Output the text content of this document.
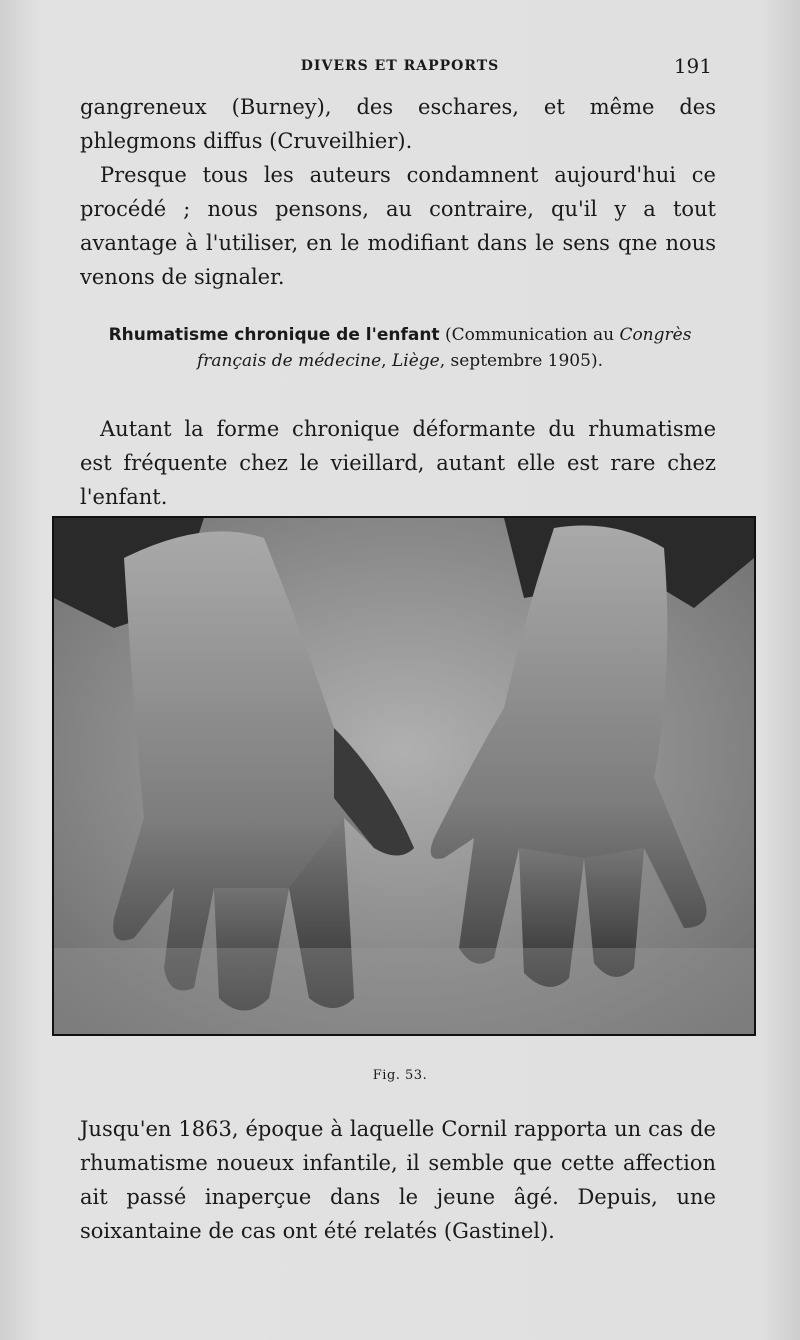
DIVERS ET RAPPORTS	191

gangreneux (Burney), des eschares, et même des phlegmons diffus (Cruveilhier).

Presque tous les auteurs condamnent aujourd'hui ce procédé ; nous pensons, au contraire, qu'il y a tout avantage à l'utiliser, en le modifiant dans le sens qne nous venons de signaler.

Rhumatisme chronique de l'enfant (Communication au Congrès français de médecine, Liège, septembre 1905).

Autant la forme chronique déformante du rhumatisme est fréquente chez le vieillard, autant elle est rare chez l'enfant.

Fig. 53.

Jusqu'en 1863, époque à laquelle Cornil rapporta un cas de rhumatisme noueux infantile, il semble que cette affection ait passé inaperçue dans le jeune âgé. Depuis, une soixantaine de cas ont été relatés (Gastinel).
